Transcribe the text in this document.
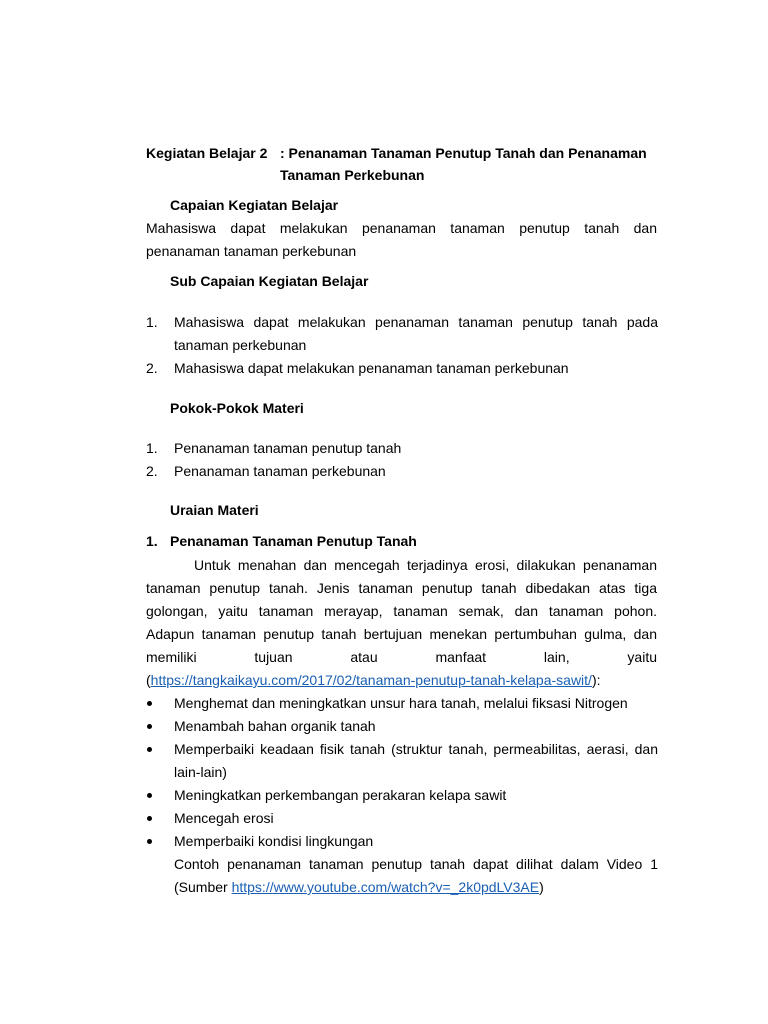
Kegiatan Belajar 2 : Penanaman Tanaman Penutup Tanah dan Penanaman
Tanaman Perkebunan
Capaian Kegiatan Belajar
Mahasiswa dapat melakukan penanaman tanaman penutup tanah dan
penanaman tanaman perkebunan
Sub Capaian Kegiatan Belajar
1. Mahasiswa dapat melakukan penanaman tanaman penutup tanah pada
tanaman perkebunan
2. Mahasiswa dapat melakukan penanaman tanaman perkebunan
Pokok-Pokok Materi
1. Penanaman tanaman penutup tanah
2. Penanaman tanaman perkebunan
Uraian Materi
1. Penanaman Tanaman Penutup Tanah
Untuk menahan dan mencegah terjadinya erosi, dilakukan penanaman
tanaman penutup tanah. Jenis tanaman penutup tanah dibedakan atas tiga
golongan, yaitu tanaman merayap, tanaman semak, dan tanaman pohon.
Adapun tanaman penutup tanah bertujuan menekan pertumbuhan gulma, dan
memiliki tujuan atau manfaat lain, yaitu
(https://tangkaikayu.com/2017/02/tanaman-penutup-tanah-kelapa-sawit/):
Menghemat dan meningkatkan unsur hara tanah, melalui fiksasi Nitrogen
Menambah bahan organik tanah
Memperbaiki keadaan fisik tanah (struktur tanah, permeabilitas, aerasi, dan
lain-lain)
Meningkatkan perkembangan perakaran kelapa sawit
Mencegah erosi
Memperbaiki kondisi lingkungan
Contoh penanaman tanaman penutup tanah dapat dilihat dalam Video 1
(Sumber https://www.youtube.com/watch?v=_2k0pdLV3AE)
